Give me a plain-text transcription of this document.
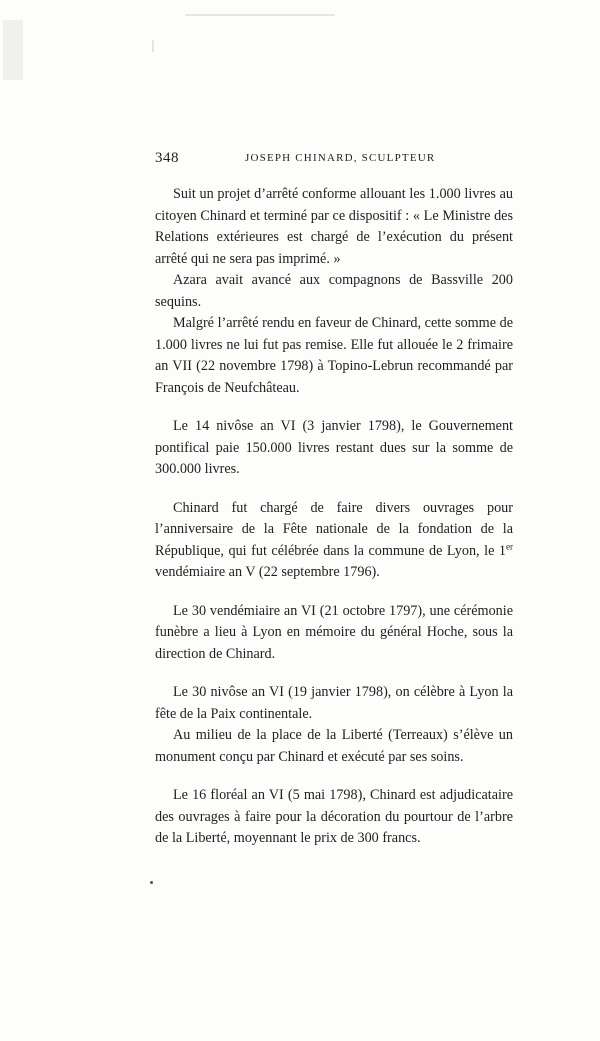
348	JOSEPH CHINARD, SCULPTEUR

Suit un projet d’arrêté conforme allouant les 1.000 livres au citoyen Chinard et terminé par ce dispositif : « Le Ministre des Relations extérieures est chargé de l’exécution du présent arrêté qui ne sera pas imprimé. »

Azara avait avancé aux compagnons de Bassville 200 sequins.

Malgré l’arrêté rendu en faveur de Chinard, cette somme de 1.000 livres ne lui fut pas remise. Elle fut allouée le 2 frimaire an VII (22 novembre 1798) à Topino-Lebrun recommandé par François de Neufchâteau.

Le 14 nivôse an VI (3 janvier 1798), le Gouvernement pontifical paie 150.000 livres restant dues sur la somme de 300.000 livres.

Chinard fut chargé de faire divers ouvrages pour l’anniversaire de la Fête nationale de la fondation de la République, qui fut célébrée dans la commune de Lyon, le 1er vendémiaire an V (22 septembre 1796).

Le 30 vendémiaire an VI (21 octobre 1797), une cérémonie funèbre a lieu à Lyon en mémoire du général Hoche, sous la direction de Chinard.

Le 30 nivôse an VI (19 janvier 1798), on célèbre à Lyon la fête de la Paix continentale.

Au milieu de la place de la Liberté (Terreaux) s’élève un monument conçu par Chinard et exécuté par ses soins.

Le 16 floréal an VI (5 mai 1798), Chinard est adjudicataire des ouvrages à faire pour la décoration du pourtour de l’arbre de la Liberté, moyennant le prix de 300 francs.
